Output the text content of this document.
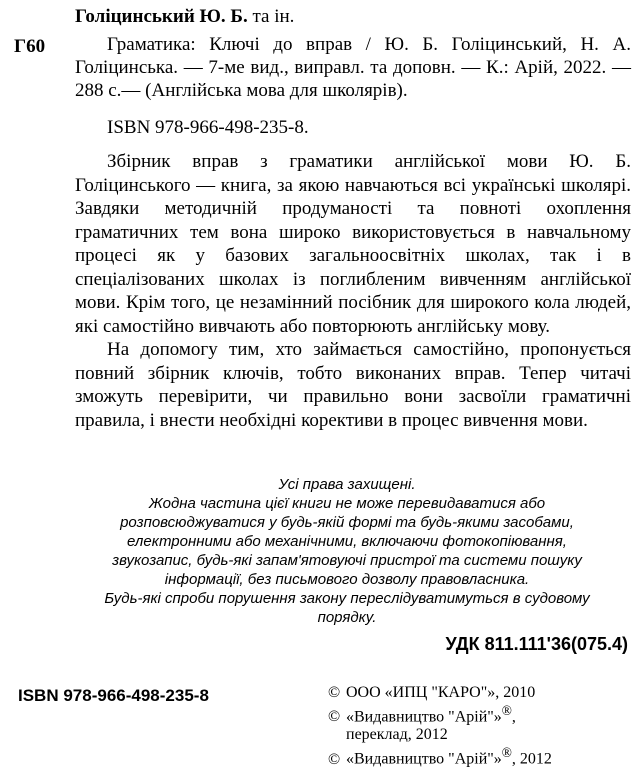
Г60
Голіцинський Ю. Б. та ін.
Граматика: Ключі до вправ / Ю. Б. Голіцинський, Н. А. Голіцинська. — 7-ме вид., виправл. та доповн. — К.: Арій, 2022. — 288 с.— (Англійська мова для школярів).
ISBN 978-966-498-235-8.

Збірник вправ з граматики англійської мови Ю. Б. Голіцинського — книга, за якою навчаються всі українські школярі. Завдяки методичній продуманості та повноті охоплення граматичних тем вона широко використовується в навчальному процесі як у базових загальноосвітніх школах, так і в спеціалізованих школах із поглибленим вивченням англійської мови. Крім того, це незамінний посібник для широкого кола людей, які самостійно вивчають або повторюють англійську мову.

На допомогу тим, хто займається самостійно, пропонується повний збірник ключів, тобто виконаних вправ. Тепер читачі зможуть перевірити, чи правильно вони засвоїли граматичні правила, і внести необхідні корективи в процес вивчення мови.

Усі права захищені.

Жодна частина цієї книги не може перевидаватися або розповсюджуватися у будь-якій формі та будь-якими засобами, електронними або механічними, включаючи фотокопіювання, звукозапис, будь-які запам'ятовуючі пристрої та системи пошуку інформації, без письмового дозволу правовласника.

Будь-які спроби порушення закону переслідуватимуться в судовому порядку.

УДК 811.111'36(075.4)
ISBN 978-966-498-235-8	© ООО «ИПЦ "КАРО"», 2010
© «Видавництво "Арій"»®,
переклад, 2012
© «Видавництво "Арій"»®, 2012
